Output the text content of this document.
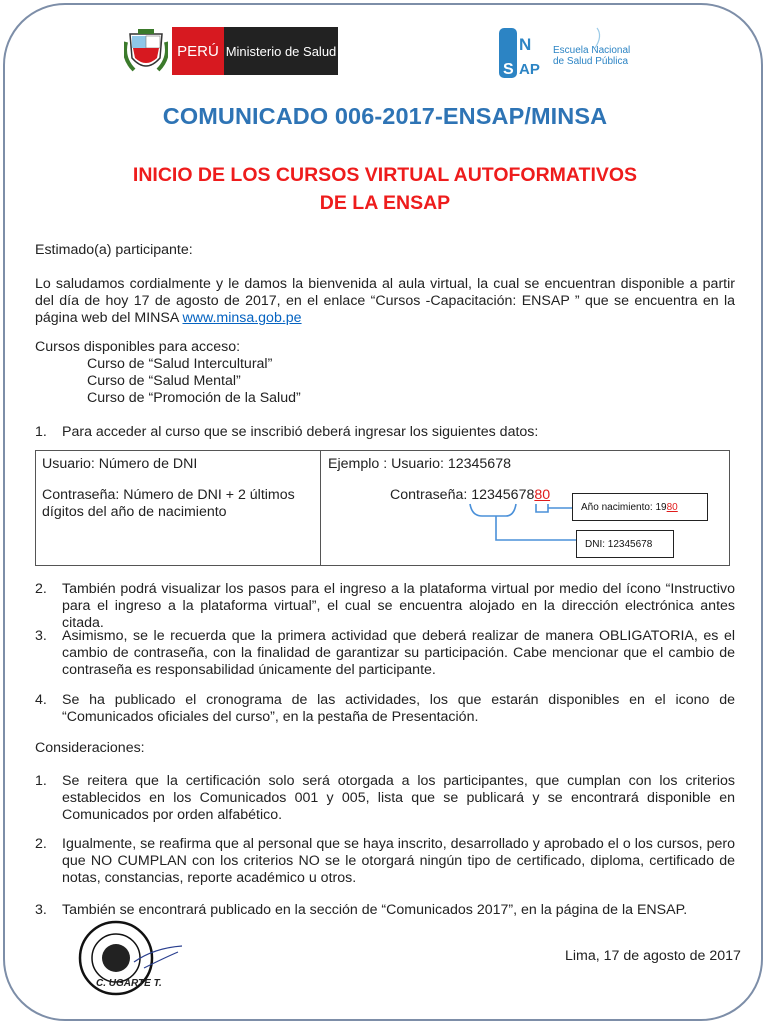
PERÚ Ministerio de Salud	N
S AP
Escuela Nacional
de Salud Pública
COMUNICADO 006-2017-ENSAP/MINSA
INICIO DE LOS CURSOS VIRTUAL AUTOFORMATIVOS
DE LA ENSAP
Estimado(a) participante:
Lo saludamos cordialmente y le damos la bienvenida al aula virtual, la cual se encuentran disponible a partir del día de hoy 17 de agosto de 2017, en el enlace “Cursos -Capacitación: ENSAP ” que se encuentra en la página web del MINSA www.minsa.gob.pe
Cursos disponibles para acceso:
Curso de “Salud Intercultural”
Curso de “Salud Mental”
Curso de “Promoción de la Salud”
1. Para acceder al curso que se inscribió deberá ingresar los siguientes datos:
Usuario: Número de DNI
Contraseña: Número de DNI + 2 últimos
dígitos del año de nacimiento
Ejemplo : Usuario: 12345678
Contraseña: 1234567880
Año nacimiento: 19 80
DNI: 12345678
2. También podrá visualizar los pasos para el ingreso a la plataforma virtual por medio del ícono “Instructivo para el ingreso a la plataforma virtual”, el cual se encuentra alojado en la dirección electrónica antes citada.
3. Asimismo, se le recuerda que la primera actividad que deberá realizar de manera OBLIGATORIA, es el cambio de contraseña, con la finalidad de garantizar su participación. Cabe mencionar que el cambio de contraseña es responsabilidad únicamente del participante.
4. Se ha publicado el cronograma de las actividades, los que estarán disponibles en el icono de “Comunicados oficiales del curso”, en la pestaña de Presentación.
Consideraciones:
1. Se reitera que la certificación solo será otorgada a los participantes, que cumplan con los criterios establecidos en los Comunicados 001 y 005, lista que se publicará y se encontrará disponible en Comunicados por orden alfabético.
2. Igualmente, se reafirma que al personal que se haya inscrito, desarrollado y aprobado el o los cursos, pero que NO CUMPLAN con los criterios NO se le otorgará ningún tipo de certificado, diploma, certificado de notas, constancias, reporte académico u otros.
3. También se encontrará publicado en la sección de “Comunicados 2017”, en la página de la ENSAP.
C. UGARTE T.
Lima, 17 de agosto de 2017
